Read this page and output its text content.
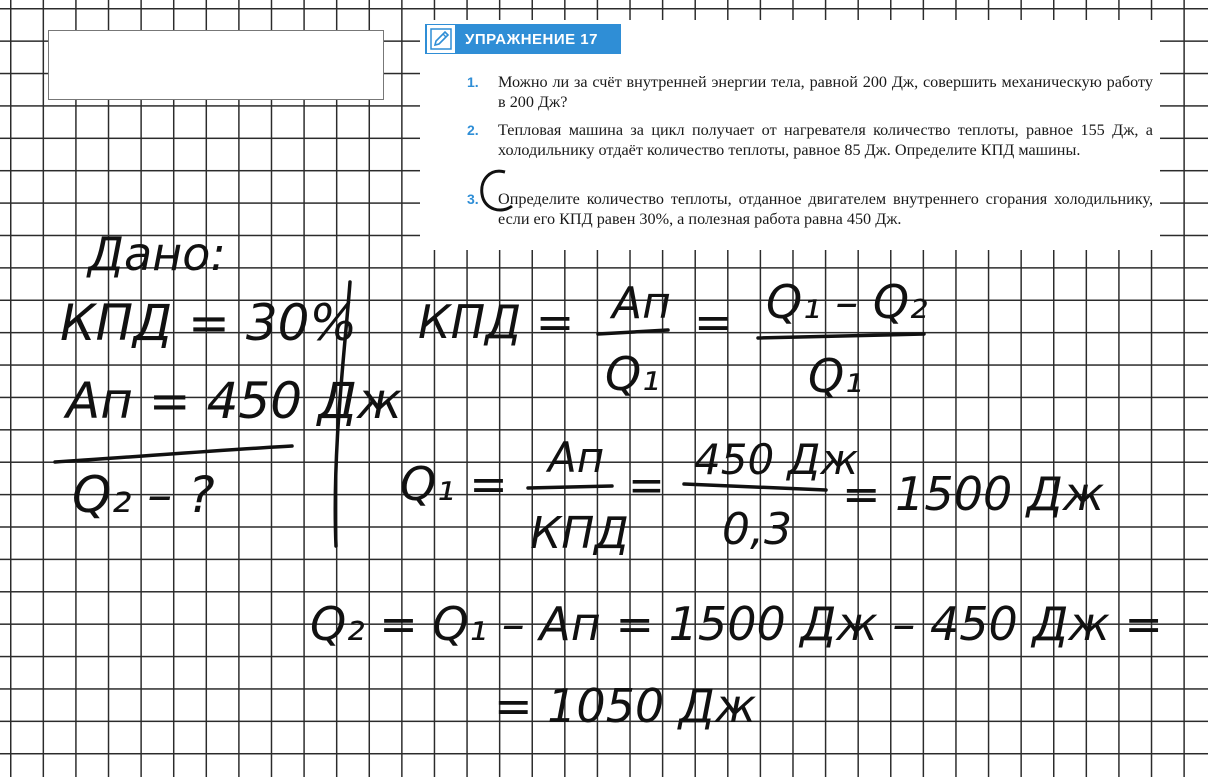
УПРАЖНЕНИЕ 17
1. Можно ли за счёт внутренней энергии тела, равной 200 Дж, совершить механическую работу в 200 Дж?
2. Тепловая машина за цикл получает от нагревателя количество теплоты, равное 155 Дж, а холодильнику отдаёт количество теплоты, равное 85 Дж. Определите КПД машины.
3. Определите количество теплоты, отданное двигателем внутреннего сгорания холодильнику, если его КПД равен 30%, а полезная работа равна 450 Дж.
Дано:
КПД = 30%
Aп = 450 Дж
Q₂ – ?
КПД = Aп
Q₁
= Q₁ – Q₂
Q₁
Q₁ = Aп
КПД
=
450 Дж
0,3
= 1500 Дж
Q₂ = Q₁ – Aп = 1500 Дж – 450 Дж =
= 1050 Дж
